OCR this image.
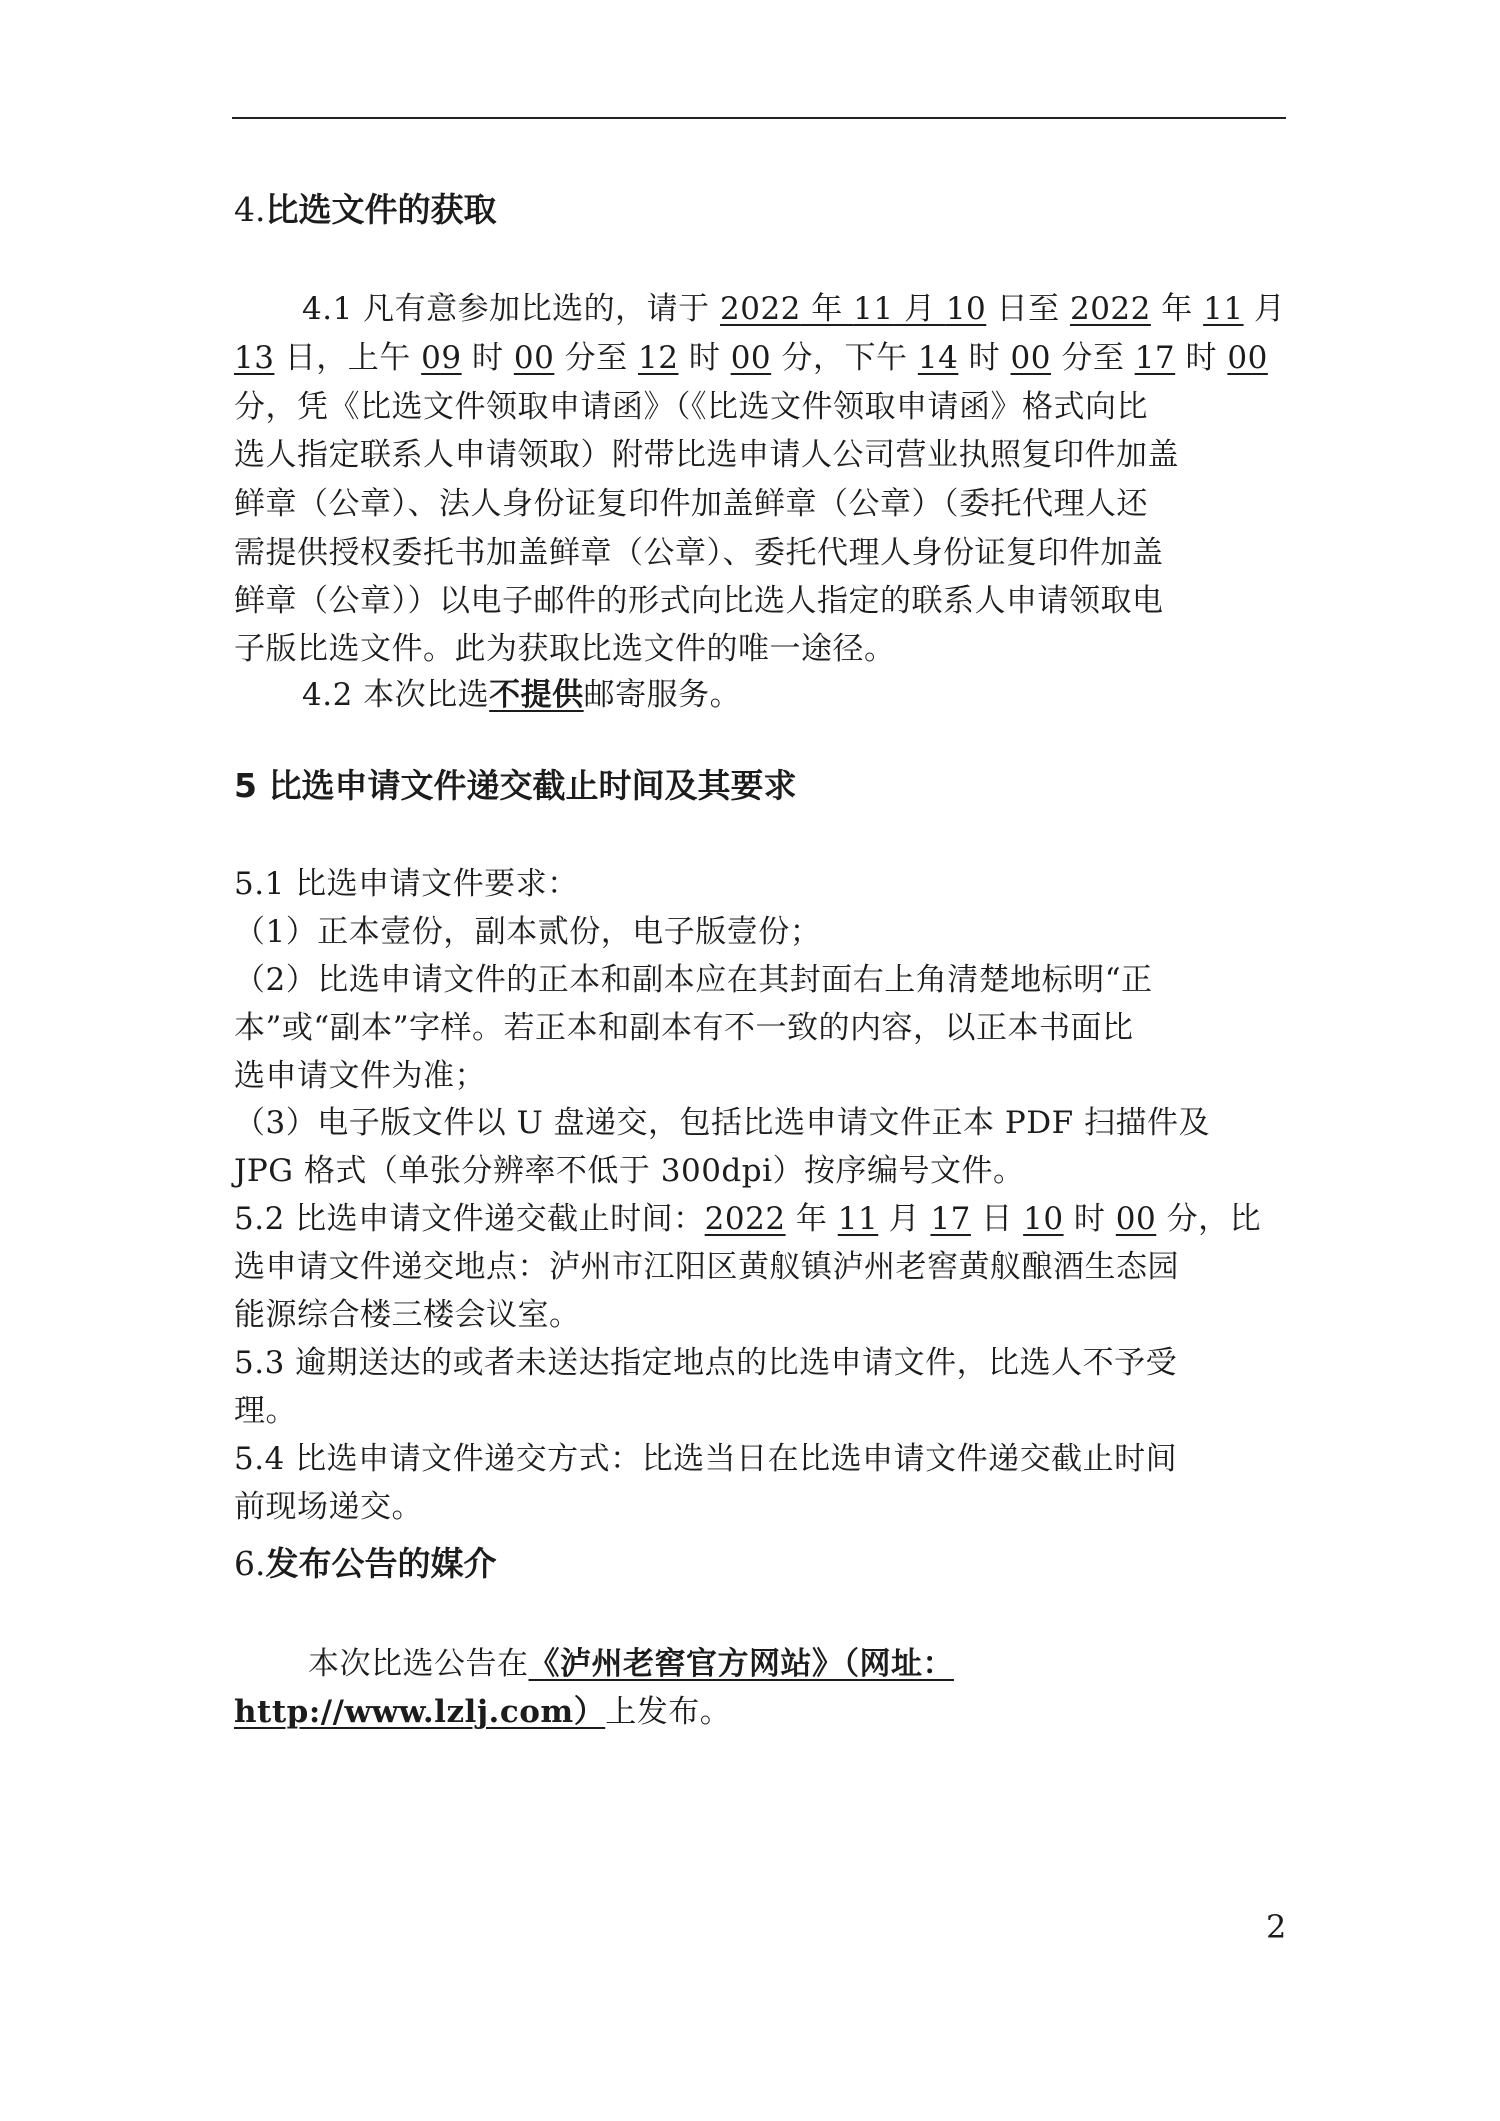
4.比选文件的获取
4.1 凡有意参加比选的，请于 2022 年 11 月 10 日至 2022 年 11 月
13 日，上午 09 时 00 分至 12 时 00 分，下午 14 时 00 分至 17 时 00
分，凭《比选文件领取申请函》（《比选文件领取申请函》格式向比
选人指定联系人申请领取）附带比选申请人公司营业执照复印件加盖
鲜章（公章）、法人身份证复印件加盖鲜章（公章）（委托代理人还
需提供授权委托书加盖鲜章（公章）、委托代理人身份证复印件加盖
鲜章（公章））以电子邮件的形式向比选人指定的联系人申请领取电
子版比选文件。此为获取比选文件的唯一途径。
4.2 本次比选不提供邮寄服务。
5 比选申请文件递交截止时间及其要求
5.1 比选申请文件要求：
（1）正本壹份，副本贰份，电子版壹份；
（2）比选申请文件的正本和副本应在其封面右上角清楚地标明“正
本”或“副本”字样。若正本和副本有不一致的内容，以正本书面比
选申请文件为准；
（3）电子版文件以 U 盘递交，包括比选申请文件正本 PDF 扫描件及
JPG 格式（单张分辨率不低于 300dpi）按序编号文件。
5.2 比选申请文件递交截止时间：2022 年 11 月 17 日 10 时 00 分，比
选申请文件递交地点：泸州市江阳区黄舣镇泸州老窖黄舣酿酒生态园
能源综合楼三楼会议室。
5.3 逾期送达的或者未送达指定地点的比选申请文件，比选人不予受
理。
5.4 比选申请文件递交方式：比选当日在比选申请文件递交截止时间
前现场递交。
6.发布公告的媒介
本次比选公告在《泸州老窖官方网站》（网址：
http://www.lzlj.com）上发布。
2
